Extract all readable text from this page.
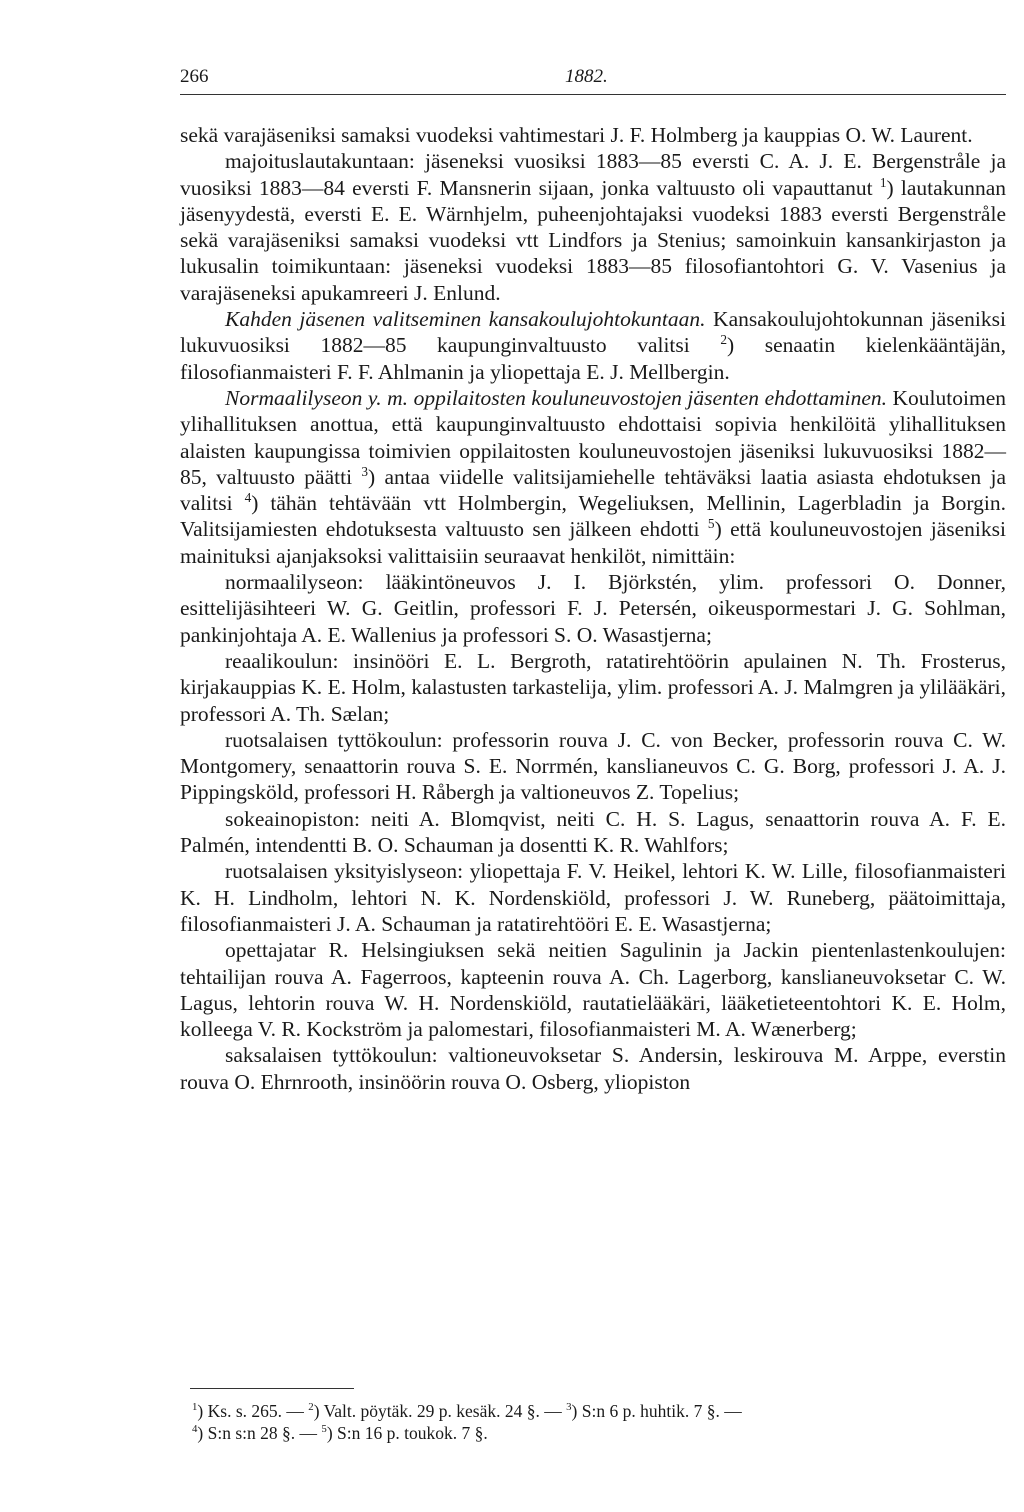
266	1882.

sekä varajäseniksi samaksi vuodeksi vahtimestari J. F. Holmberg ja kauppias O. W. Laurent.

majoituslautakuntaan: jäseneksi vuosiksi 1883—85 eversti C. A. J. E. Bergenstråle ja vuosiksi 1883—84 eversti F. Mansnerin sijaan, jonka valtuusto oli vapauttanut $^1$) lautakunnan jäsenyydestä, eversti E. E. Wärnhjelm, puheenjohtajaksi vuodeksi 1883 eversti Bergenstråle sekä varajäseniksi samaksi vuodeksi vtt Lindfors ja Stenius; samoinkuin kansankirjaston ja lukusalin toimikuntaan: jäseneksi vuodeksi 1883—85 filosofiantohtori G. V. Vasenius ja varajäseneksi apukamreeri J. Enlund.

Kahden jäsenen valitseminen kansakoulujohtokuntaan. Kansakoulujohtokunnan jäseniksi lukuvuosiksi 1882—85 kaupunginvaltuusto valitsi $^2$) senaatin kielenkääntäjän, filosofianmaisteri F. F. Ahlmanin ja yliopettaja E. J. Mellbergin.

Normaalilyseon y. m. oppilaitosten kouluneuvostojen jäsenten ehdottaminen. Koulutoimen ylihallituksen anottua, että kaupunginvaltuusto ehdottaisi sopivia henkilöitä ylihallituksen alaisten kaupungissa toimivien oppilaitosten kouluneuvostojen jäseniksi lukuvuosiksi 1882—85, valtuusto päätti $^3$) antaa viidelle valitsijamiehelle tehtäväksi laatia asiasta ehdotuksen ja valitsi $^4$) tähän tehtävään vtt Holmbergin, Wegeliuksen, Mellinin, Lagerbladin ja Borgin. Valitsijamiesten ehdotuksesta valtuusto sen jälkeen ehdotti $^5$) että kouluneuvostojen jäseniksi mainituksi ajanjaksoksi valittaisiin seuraavat henkilöt, nimittäin:

normaalilyseon: lääkintöneuvos J. I. Björkstén, ylim. professori O. Donner, esittelijäsihteeri W. G. Geitlin, professori F. J. Petersén, oikeuspormestari J. G. Sohlman, pankinjohtaja A. E. Wallenius ja professori S. O. Wasastjerna;

reaalikoulun: insinööri E. L. Bergroth, ratatirehtöörin apulainen N. Th. Frosterus, kirjakauppias K. E. Holm, kalastusten tarkastelija, ylim. professori A. J. Malmgren ja ylilääkäri, professori A. Th. Sælan;

ruotsalaisen tyttökoulun: professorin rouva J. C. von Becker, professorin rouva C. W. Montgomery, senaattorin rouva S. E. Norrmén, kanslianeuvos C. G. Borg, professori J. A. J. Pippingsköld, professori H. Råbergh ja valtioneuvos Z. Topelius;

sokeainopiston: neiti A. Blomqvist, neiti C. H. S. Lagus, senaattorin rouva A. F. E. Palmén, intendentti B. O. Schauman ja dosentti K. R. Wahlfors;

ruotsalaisen yksityislyseon: yliopettaja F. V. Heikel, lehtori K. W. Lille, filosofianmaisteri K. H. Lindholm, lehtori N. K. Nordenskiöld, professori J. W. Runeberg, päätoimittaja, filosofianmaisteri J. A. Schauman ja ratatirehtööri E. E. Wasastjerna;

opettajatar R. Helsingiuksen sekä neitien Sagulinin ja Jackin pientenlastenkoulujen: tehtailijan rouva A. Fagerroos, kapteenin rouva A. Ch. Lagerborg, kanslianeuvoksetar C. W. Lagus, lehtorin rouva W. H. Nordenskiöld, rautatielääkäri, lääketieteentohtori K. E. Holm, kolleega V. R. Kockström ja palomestari, filosofianmaisteri M. A. Wænerberg;

saksalaisen tyttökoulun: valtioneuvoksetar S. Andersin, leskirouva M. Arppe, everstin rouva O. Ehrnrooth, insinöörin rouva O. Osberg, yliopiston

$^1$) Ks. s. 265. — $^2$) Valt. pöytäk. 29 p. kesäk. 24 §. — $^3$) S:n 6 p. huhtik. 7 §. —

$^4$) S:n s:n 28 §. — $^5$) S:n 16 p. toukok. 7 §.
